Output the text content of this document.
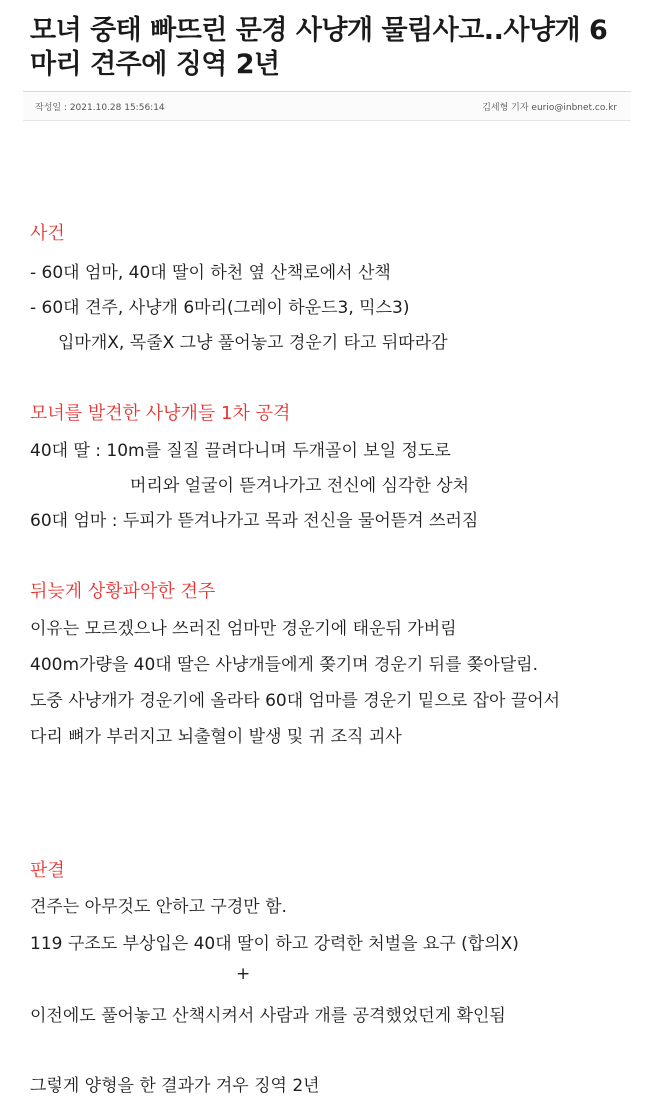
모녀 중태 빠뜨린 문경 사냥개 물림사고..사냥개 6마리 견주에 징역 2년
작성일 : 2021.10.28 15:56:14	김세형 기자 eurio@inbnet.co.kr
사건
- 60대 엄마, 40대 딸이 하천 옆 산책로에서 산책
- 60대 견주, 사냥개 6마리(그레이 하운드3, 믹스3)
입마개X, 목줄X 그냥 풀어놓고 경운기 타고 뒤따라감
모녀를 발견한 사냥개들 1차 공격
40대 딸 : 10m를 질질 끌려다니며 두개골이 보일 정도로
머리와 얼굴이 뜯겨나가고 전신에 심각한 상처
60대 엄마 : 두피가 뜯겨나가고 목과 전신을 물어뜯겨 쓰러짐
뒤늦게 상황파악한 견주
이유는 모르겠으나 쓰러진 엄마만 경운기에 태운뒤 가버림
400m가량을 40대 딸은 사냥개들에게 쫒기며 경운기 뒤를 쫒아달림.
도중 사냥개가 경운기에 올라타 60대 엄마를 경운기 밑으로 잡아 끌어서
다리 뼈가 부러지고 뇌출혈이 발생 및 귀 조직 괴사
판결
견주는 아무것도 안하고 구경만 함.
119 구조도 부상입은 40대 딸이 하고 강력한 처벌을 요구 (합의X)
+
이전에도 풀어놓고 산책시켜서 사람과 개를 공격했었던게 확인됨
그렇게 양형을 한 결과가 겨우 징역 2년
